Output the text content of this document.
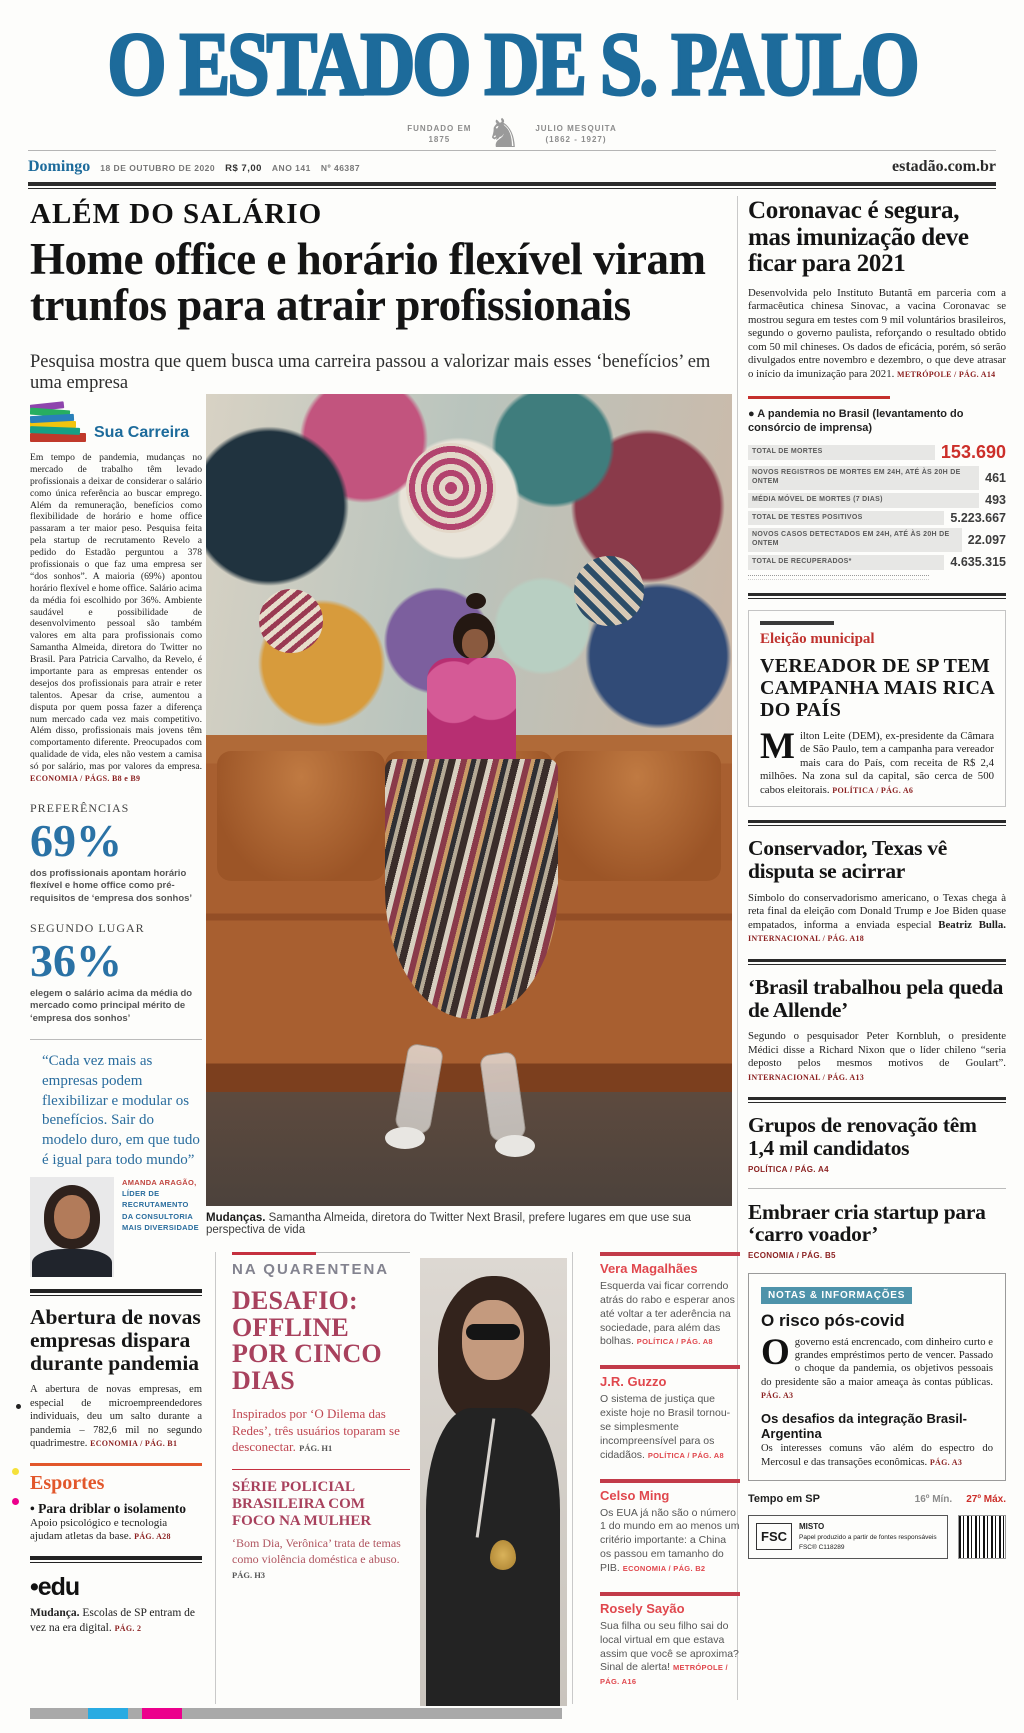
O ESTADO DE S. PAULO
FUNDADO EM
1875 ♞ JULIO MESQUITA
(1862 - 1927)
Domingo 18 DE OUTUBRO DE 2020 R$ 7,00 ANO 141 Nº 46387	estadão.com.br
ALÉM DO SALÁRIO
Home office e horário flexível viram trunfos para atrair profissionais
Pesquisa mostra que quem busca uma carreira passou a valorizar mais esses ‘benefícios’ em uma empresa
Sua Carreira
Em tempo de pandemia, mudanças no mercado de trabalho têm levado profissionais a deixar de considerar o salário como única referência ao buscar emprego. Além da remuneração, benefícios como flexibilidade de horário e home office passaram a ter maior peso. Pesquisa feita pela startup de recrutamento Revelo a pedido do Estadão perguntou a 378 profissionais o que faz uma empresa ser “dos sonhos”. A maioria (69%) apontou horário flexível e home office. Salário acima da média foi escolhido por 36%. Ambiente saudável e possibilidade de desenvolvimento pessoal são também valores em alta para profissionais como Samantha Almeida, diretora do Twitter no Brasil. Para Patricia Carvalho, da Revelo, é importante para as empresas entender os desejos dos profissionais para atrair e reter talentos. Apesar da crise, aumentou a disputa por quem possa fazer a diferença num mercado cada vez mais competitivo. Além disso, profissionais mais jovens têm comportamento diferente. Preocupados com qualidade de vida, eles não vestem a camisa só por salário, mas por valores da empresa. ECONOMIA / PÁGS. B8 e B9
PREFERÊNCIAS
69%
dos profissionais apontam horário flexível e home office como pré-requisitos de ‘empresa dos sonhos’
SEGUNDO LUGAR
36%
elegem o salário acima da média do mercado como principal mérito de ‘empresa dos sonhos’
“Cada vez mais as empresas podem flexibilizar e modular os benefícios. Sair do modelo duro, em que tudo é igual para todo mundo”
AMANDA ARAGÃO,
LÍDER DE RECRUTAMENTO DA CONSULTORIA MAIS DIVERSIDADE
Abertura de novas empresas dispara durante pandemia
A abertura de novas empresas, em especial de microempreendedores individuais, deu um salto durante a pandemia – 782,6 mil no segundo quadrimestre. ECONOMIA / PÁG. B1
Esportes
• Para driblar o isolamento
Apoio psicológico e tecnologia ajudam atletas da base. PÁG. A28
•edu
Mudança. Escolas de SP entram de vez na era digital. PÁG. 2
Mudanças. Samantha Almeida, diretora do Twitter Next Brasil, prefere lugares em que use sua perspectiva de vida
Coronavac é segura, mas imunização deve ficar para 2021
Desenvolvida pelo Instituto Butantã em parceria com a farmacêutica chinesa Sinovac, a vacina Coronavac se mostrou segura em testes com 9 mil voluntários brasileiros, segundo o governo paulista, reforçando o resultado obtido com 50 mil chineses. Os dados de eficácia, porém, só serão divulgados entre novembro e dezembro, o que deve atrasar o início da imunização para 2021. METRÓPOLE / PÁG. A14
● A pandemia no Brasil (levantamento do consórcio de imprensa)
TOTAL DE MORTES	153.690
NOVOS REGISTROS DE MORTES EM 24H, ATÉ ÀS 20H DE ONTEM	461
MÉDIA MÓVEL DE MORTES (7 DIAS)	493
TOTAL DE TESTES POSITIVOS	5.223.667
NOVOS CASOS DETECTADOS EM 24H, ATÉ ÀS 20H DE ONTEM	22.097
TOTAL DE RECUPERADOS*	4.635.315
Eleição municipal
VEREADOR DE SP TEM CAMPANHA MAIS RICA DO PAÍS
Milton Leite (DEM), ex-presidente da Câmara de São Paulo, tem a campanha para vereador mais cara do País, com receita de R$ 2,4 milhões. Na zona sul da capital, são cerca de 500 cabos eleitorais. POLÍTICA / PÁG. A6
Conservador, Texas vê disputa se acirrar
Símbolo do conservadorismo americano, o Texas chega à reta final da eleição com Donald Trump e Joe Biden quase empatados, informa a enviada especial Beatriz Bulla. INTERNACIONAL / PÁG. A18
‘Brasil trabalhou pela queda de Allende’
Segundo o pesquisador Peter Kornbluh, o presidente Médici disse a Richard Nixon que o líder chileno “seria deposto pelos mesmos motivos de Goulart”. INTERNACIONAL / PÁG. A13
Grupos de renovação têm 1,4 mil candidatos
POLÍTICA / PÁG. A4
Embraer cria startup para ‘carro voador’
ECONOMIA / PÁG. B5
NOTAS & INFORMAÇÕES
O risco pós-covid
O governo está encrencado, com dinheiro curto e grandes empréstimos perto de vencer. Passado o choque da pandemia, os objetivos pessoais do presidente são a maior ameaça às contas públicas. PÁG. A3
Os desafios da integração Brasil-Argentina
Os interesses comuns vão além do espectro do Mercosul e das transações econômicas. PÁG. A3
Tempo em SP	16º Mín. 27º Máx.
FSC
MISTO
Papel produzido a partir de fontes responsáveis
FSC® C118289
NA QUARENTENA
DESAFIO: OFFLINE POR CINCO DIAS
Inspirados por ‘O Dilema das Redes’, três usuários toparam se desconectar. PÁG. H1
SÉRIE POLICIAL BRASILEIRA COM FOCO NA MULHER
‘Bom Dia, Verônica’ trata de temas como violência doméstica e abuso. PÁG. H3
Vera Magalhães
Esquerda vai ficar correndo atrás do rabo e esperar anos até voltar a ter aderência na sociedade, para além das bolhas. POLÍTICA / PÁG. A8
J.R. Guzzo
O sistema de justiça que existe hoje no Brasil tornou-se simplesmente incompreensível para os cidadãos. POLÍTICA / PÁG. A8
Celso Ming
Os EUA já não são o número 1 do mundo em ao menos um critério importante: a China os passou em tamanho do PIB. ECONOMIA / PÁG. B2
Rosely Sayão
Sua filha ou seu filho sai do local virtual em que estava assim que você se aproxima? Sinal de alerta! METRÓPOLE / PÁG. A16
